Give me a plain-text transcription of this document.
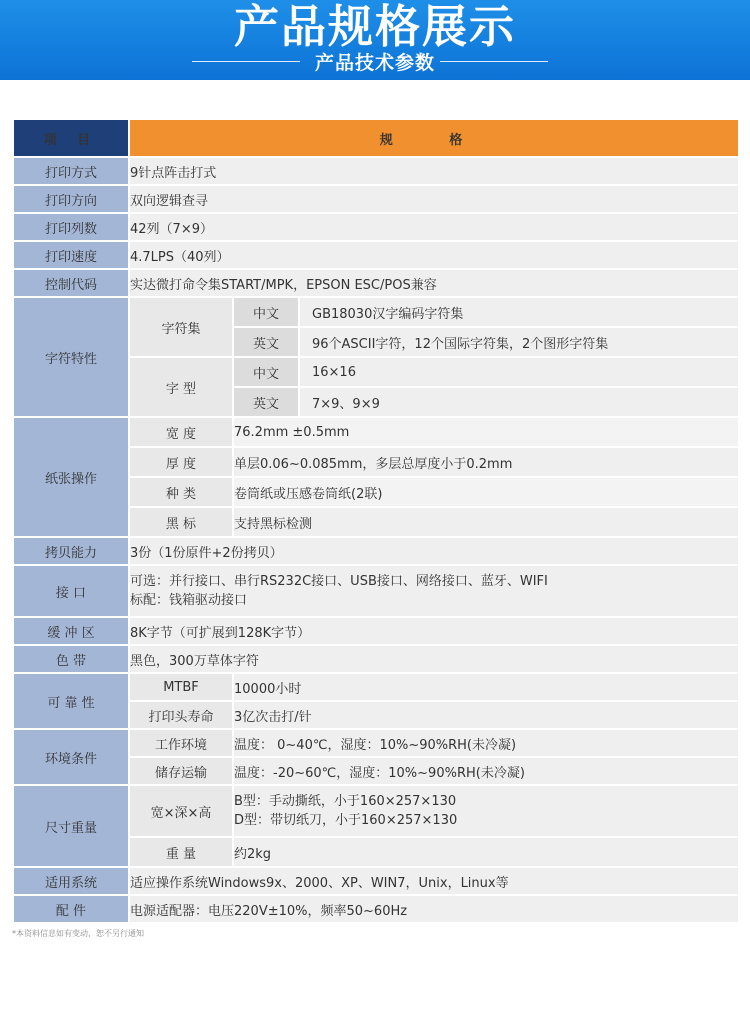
产品规格展示
产品技术参数
项 目	规 格		
打印方式	9针点阵击打式		
打印方向	双向逻辑查寻		
打印列数	42列（7×9）		
打印速度	4.7LPS（40列）		
控制代码	实达微打命令集START/MPK，EPSON ESC/POS兼容		
字符特性	字符集	中文	GB18030汉字编码字符集
		英文	96个ASCII字符，12个国际字符集，2个图形字符集
	字 型	中文	16×16
		英文	7×9、9×9
纸张操作	宽 度	76.2mm ±0.5mm	
	厚 度	单层0.06~0.085mm，多层总厚度小于0.2mm	
	种 类	卷筒纸或压感卷筒纸(2联)	
	黑 标	支持黑标检测	
拷贝能力	3份（1份原件+2份拷贝）		
接 口	可选：并行接口、串行RS232C接口、USB接口、网络接口、蓝牙、WIFI
标配：钱箱驱动接口		

缓 冲 区	8K字节（可扩展到128K字节）		
色 带	黑色，300万草体字符		
可 靠 性	MTBF	10000小时	
	打印头寿命	3亿次击打/针	
环境条件	工作环境	温度： 0~40℃，湿度：10%~90%RH(未冷凝)	
	储存运输	温度：-20~60℃，湿度：10%~90%RH(未冷凝)	
尺寸重量	宽×深×高	B型：手动撕纸，小于160×257×130
D型：带切纸刀，小于160×257×130	

	重 量	约2kg	
适用系统	适应操作系统Windows9x、2000、XP、WIN7，Unix，Linux等		
配 件	电源适配器：电压220V±10%，频率50~60Hz		
*本资料信息如有变动，恕不另行通知
